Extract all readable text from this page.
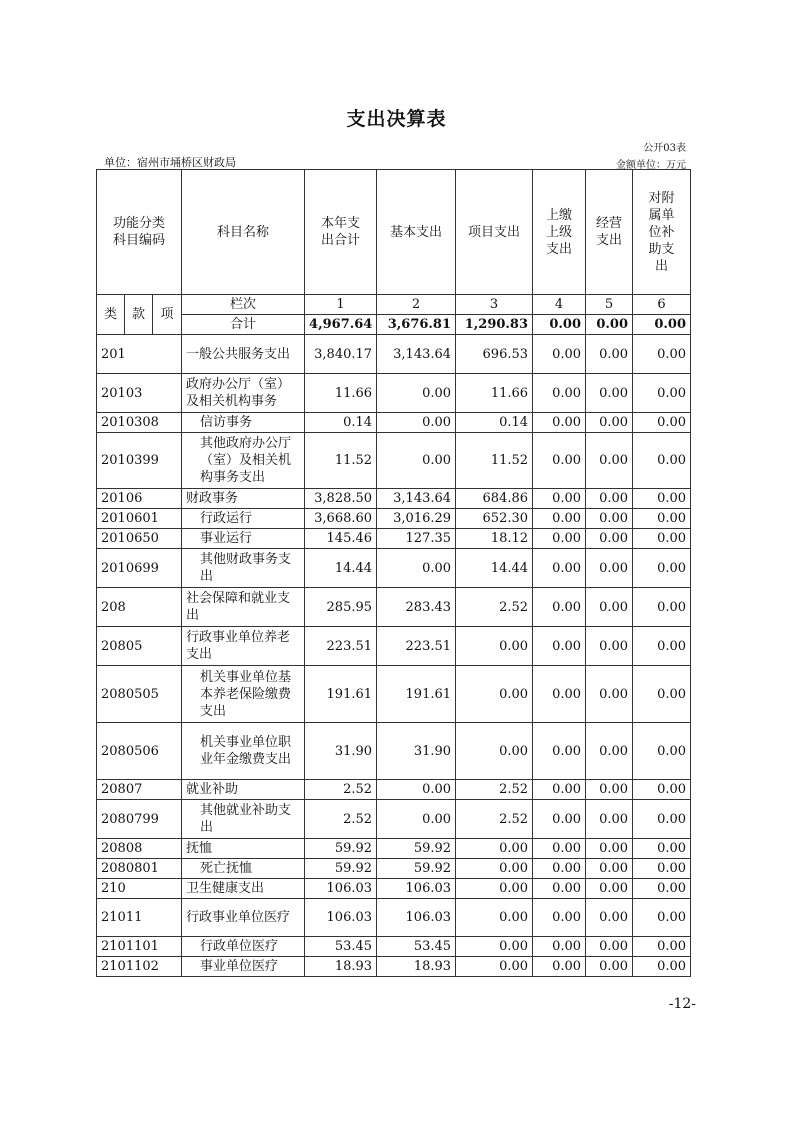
支出决算表
公开03表
单位：宿州市埇桥区财政局	金额单位：万元
功能分类科目编码			科目名称	本年支出合计	基本支出	项目支出	上缴上级支出	经营支出	对附属单位补助支出
类	款	项	栏次	1	2	3	4	5	6
			合计	4,967.64	3,676.81	1,290.83	0.00	0.00	0.00
201			一般公共服务支出	3,840.17	3,143.64	696.53	0.00	0.00	0.00
20103			政府办公厅（室）及相关机构事务	11.66	0.00	11.66	0.00	0.00	0.00
2010308			信访事务	0.14	0.00	0.14	0.00	0.00	0.00
2010399			其他政府办公厅（室）及相关机构事务支出	11.52	0.00	11.52	0.00	0.00	0.00
20106			财政事务	3,828.50	3,143.64	684.86	0.00	0.00	0.00
2010601			行政运行	3,668.60	3,016.29	652.30	0.00	0.00	0.00
2010650			事业运行	145.46	127.35	18.12	0.00	0.00	0.00
2010699			其他财政事务支出	14.44	0.00	14.44	0.00	0.00	0.00
208			社会保障和就业支出	285.95	283.43	2.52	0.00	0.00	0.00
20805			行政事业单位养老支出	223.51	223.51	0.00	0.00	0.00	0.00
2080505			机关事业单位基本养老保险缴费支出	191.61	191.61	0.00	0.00	0.00	0.00
2080506			机关事业单位职业年金缴费支出	31.90	31.90	0.00	0.00	0.00	0.00
20807			就业补助	2.52	0.00	2.52	0.00	0.00	0.00
2080799			其他就业补助支出	2.52	0.00	2.52	0.00	0.00	0.00
20808			抚恤	59.92	59.92	0.00	0.00	0.00	0.00
2080801			死亡抚恤	59.92	59.92	0.00	0.00	0.00	0.00
210			卫生健康支出	106.03	106.03	0.00	0.00	0.00	0.00
21011			行政事业单位医疗	106.03	106.03	0.00	0.00	0.00	0.00
2101101			行政单位医疗	53.45	53.45	0.00	0.00	0.00	0.00
2101102			事业单位医疗	18.93	18.93	0.00	0.00	0.00	0.00
-12-
